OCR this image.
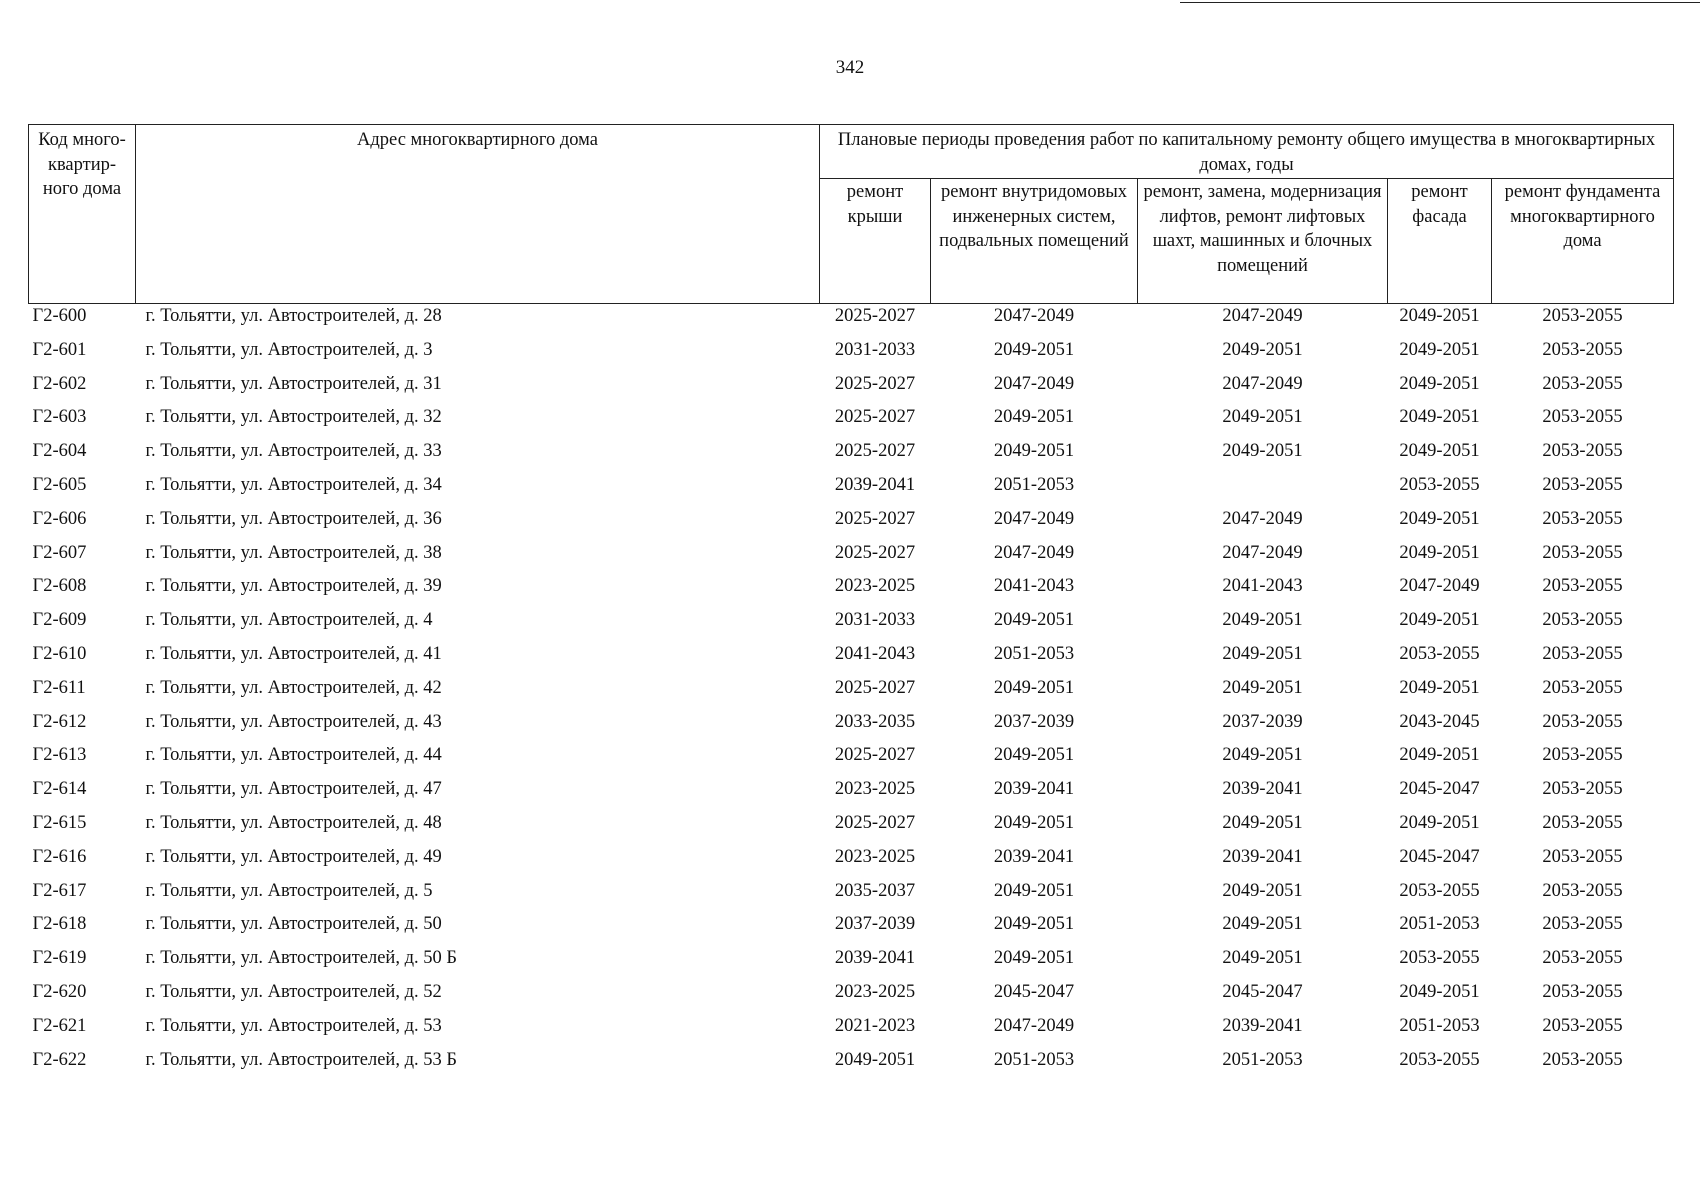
342
Код много-квартир-ного дома	Адрес многоквартирного дома	Плановые периоды проведения работ по капитальному ремонту общего имущества в многоквартирных домах, годы				
		ремонт крыши	ремонт внутридомовых инженерных систем, подвальных помещений	ремонт, замена, модернизация лифтов, ремонт лифтовых шахт, машинных и блочных помещений	ремонт фасада	ремонт фундамента многоквартирного дома
Г2-600	г. Тольятти, ул. Автостроителей, д. 28	2025-2027	2047-2049	2047-2049	2049-2051	2053-2055
Г2-601	г. Тольятти, ул. Автостроителей, д. 3	2031-2033	2049-2051	2049-2051	2049-2051	2053-2055
Г2-602	г. Тольятти, ул. Автостроителей, д. 31	2025-2027	2047-2049	2047-2049	2049-2051	2053-2055
Г2-603	г. Тольятти, ул. Автостроителей, д. 32	2025-2027	2049-2051	2049-2051	2049-2051	2053-2055
Г2-604	г. Тольятти, ул. Автостроителей, д. 33	2025-2027	2049-2051	2049-2051	2049-2051	2053-2055
Г2-605	г. Тольятти, ул. Автостроителей, д. 34	2039-2041	2051-2053		2053-2055	2053-2055
Г2-606	г. Тольятти, ул. Автостроителей, д. 36	2025-2027	2047-2049	2047-2049	2049-2051	2053-2055
Г2-607	г. Тольятти, ул. Автостроителей, д. 38	2025-2027	2047-2049	2047-2049	2049-2051	2053-2055
Г2-608	г. Тольятти, ул. Автостроителей, д. 39	2023-2025	2041-2043	2041-2043	2047-2049	2053-2055
Г2-609	г. Тольятти, ул. Автостроителей, д. 4	2031-2033	2049-2051	2049-2051	2049-2051	2053-2055
Г2-610	г. Тольятти, ул. Автостроителей, д. 41	2041-2043	2051-2053	2049-2051	2053-2055	2053-2055
Г2-611	г. Тольятти, ул. Автостроителей, д. 42	2025-2027	2049-2051	2049-2051	2049-2051	2053-2055
Г2-612	г. Тольятти, ул. Автостроителей, д. 43	2033-2035	2037-2039	2037-2039	2043-2045	2053-2055
Г2-613	г. Тольятти, ул. Автостроителей, д. 44	2025-2027	2049-2051	2049-2051	2049-2051	2053-2055
Г2-614	г. Тольятти, ул. Автостроителей, д. 47	2023-2025	2039-2041	2039-2041	2045-2047	2053-2055
Г2-615	г. Тольятти, ул. Автостроителей, д. 48	2025-2027	2049-2051	2049-2051	2049-2051	2053-2055
Г2-616	г. Тольятти, ул. Автостроителей, д. 49	2023-2025	2039-2041	2039-2041	2045-2047	2053-2055
Г2-617	г. Тольятти, ул. Автостроителей, д. 5	2035-2037	2049-2051	2049-2051	2053-2055	2053-2055
Г2-618	г. Тольятти, ул. Автостроителей, д. 50	2037-2039	2049-2051	2049-2051	2051-2053	2053-2055
Г2-619	г. Тольятти, ул. Автостроителей, д. 50 Б	2039-2041	2049-2051	2049-2051	2053-2055	2053-2055
Г2-620	г. Тольятти, ул. Автостроителей, д. 52	2023-2025	2045-2047	2045-2047	2049-2051	2053-2055
Г2-621	г. Тольятти, ул. Автостроителей, д. 53	2021-2023	2047-2049	2039-2041	2051-2053	2053-2055
Г2-622	г. Тольятти, ул. Автостроителей, д. 53 Б	2049-2051	2051-2053	2051-2053	2053-2055	2053-2055
